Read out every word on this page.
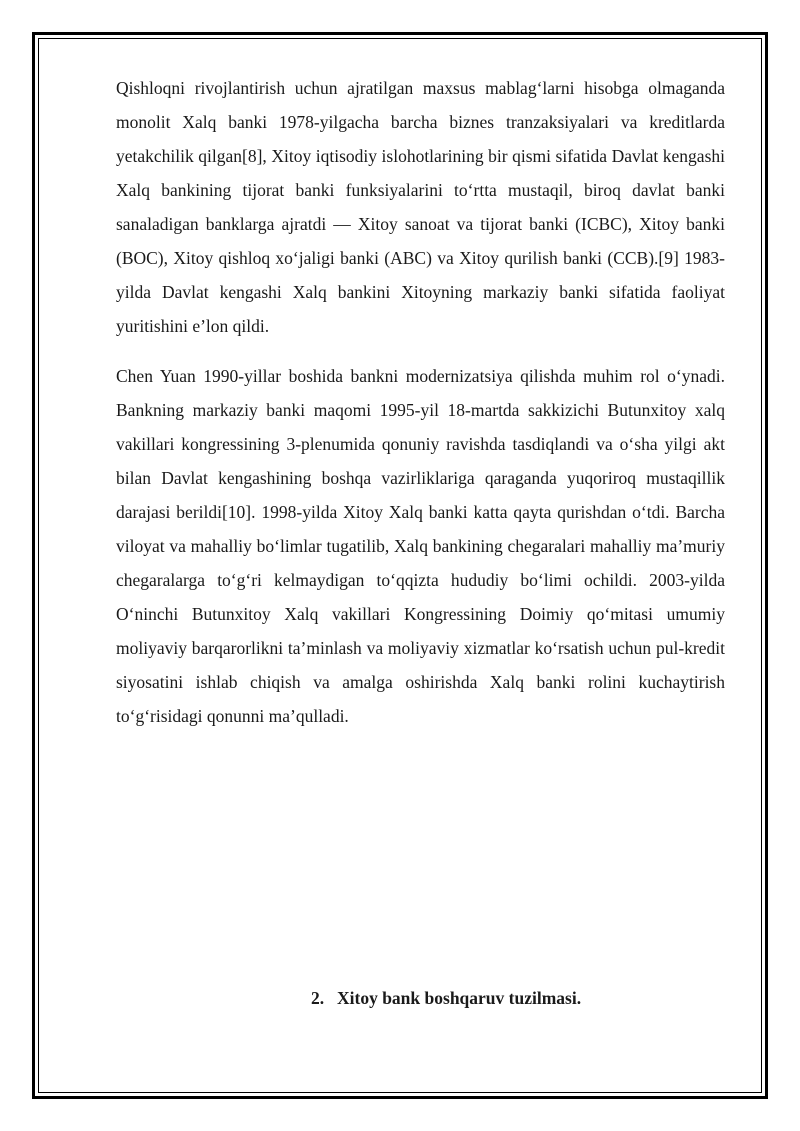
Qishloqni rivojlantirish uchun ajratilgan maxsus mablagʻlarni hisobga olmaganda monolit Xalq banki 1978-yilgacha barcha biznes tranzaksiyalari va kreditlarda yetakchilik qilgan[8], Xitoy iqtisodiy islohotlarining bir qismi sifatida Davlat kengashi Xalq bankining tijorat banki funksiyalarini toʻrtta mustaqil, biroq davlat banki sanaladigan banklarga ajratdi — Xitoy sanoat va tijorat banki (ICBC), Xitoy banki (BOC), Xitoy qishloq xoʻjaligi banki (ABC) va Xitoy qurilish banki (CCB).[9] 1983-yilda Davlat kengashi Xalq bankini Xitoyning markaziy banki sifatida faoliyat yuritishini eʼlon qildi.

Chen Yuan 1990-yillar boshida bankni modernizatsiya qilishda muhim rol oʻynadi. Bankning markaziy banki maqomi 1995-yil 18-martda sakkizichi Butunxitoy xalq vakillari kongressining 3-plenumida qonuniy ravishda tasdiqlandi va oʻsha yilgi akt bilan Davlat kengashining boshqa vazirliklariga qaraganda yuqoriroq mustaqillik darajasi berildi[10]. 1998-yilda Xitoy Xalq banki katta qayta qurishdan oʻtdi. Barcha viloyat va mahalliy boʻlimlar tugatilib, Xalq bankining chegaralari mahalliy maʼmuriy chegaralarga toʻgʻri kelmaydigan toʻqqizta hududiy boʻlimi ochildi. 2003-yilda Oʻninchi Butunxitoy Xalq vakillari Kongressining Doimiy qoʻmitasi umumiy moliyaviy barqarorlikni taʼminlash va moliyaviy xizmatlar koʻrsatish uchun pul-kredit siyosatini ishlab chiqish va amalga oshirishda Xalq banki rolini kuchaytirish toʻgʻrisidagi qonunni maʼqulladi.

2. Xitoy bank boshqaruv tuzilmasi.
